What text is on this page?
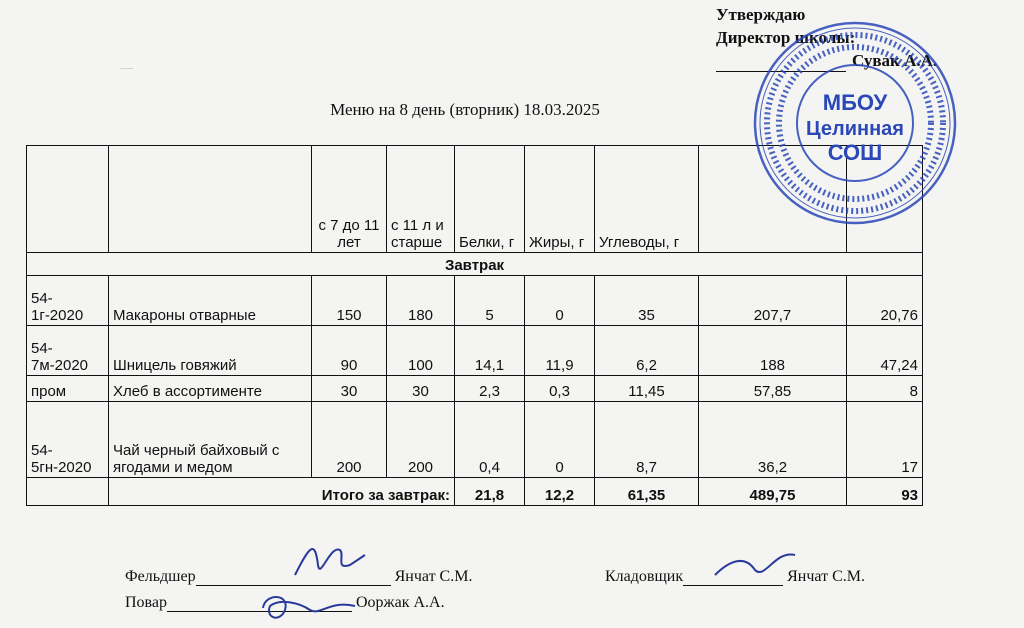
—
Утверждаю
Директор школы:
Сувак А.А.
Меню на 8 день (вторник) 18.03.2025
		с 7 до 11 лет	с 11 л и старше	Белки, г	Жиры, г	Углеводы, г		
Завтрак								
54-1г-2020	Макароны отварные	150	180	5	0	35	207,7	20,76
54-7м-2020	Шницель говяжий	90	100	14,1	11,9	6,2	188	47,24
пром	Хлеб в ассортименте	30	30	2,3	0,3	11,45	57,85	8
54-5гн-2020	Чай черный байховый с ягодами и медом	200	200	0,4	0	8,7	36,2	17
	Итого за завтрак:			21,8	12,2	61,35	489,75	93
МБОУ
Целинная
СОШ
Фельдшер	Янчат С.М.	Кладовщик	Янчат С.М.
Повар	Ооржак А.А.
